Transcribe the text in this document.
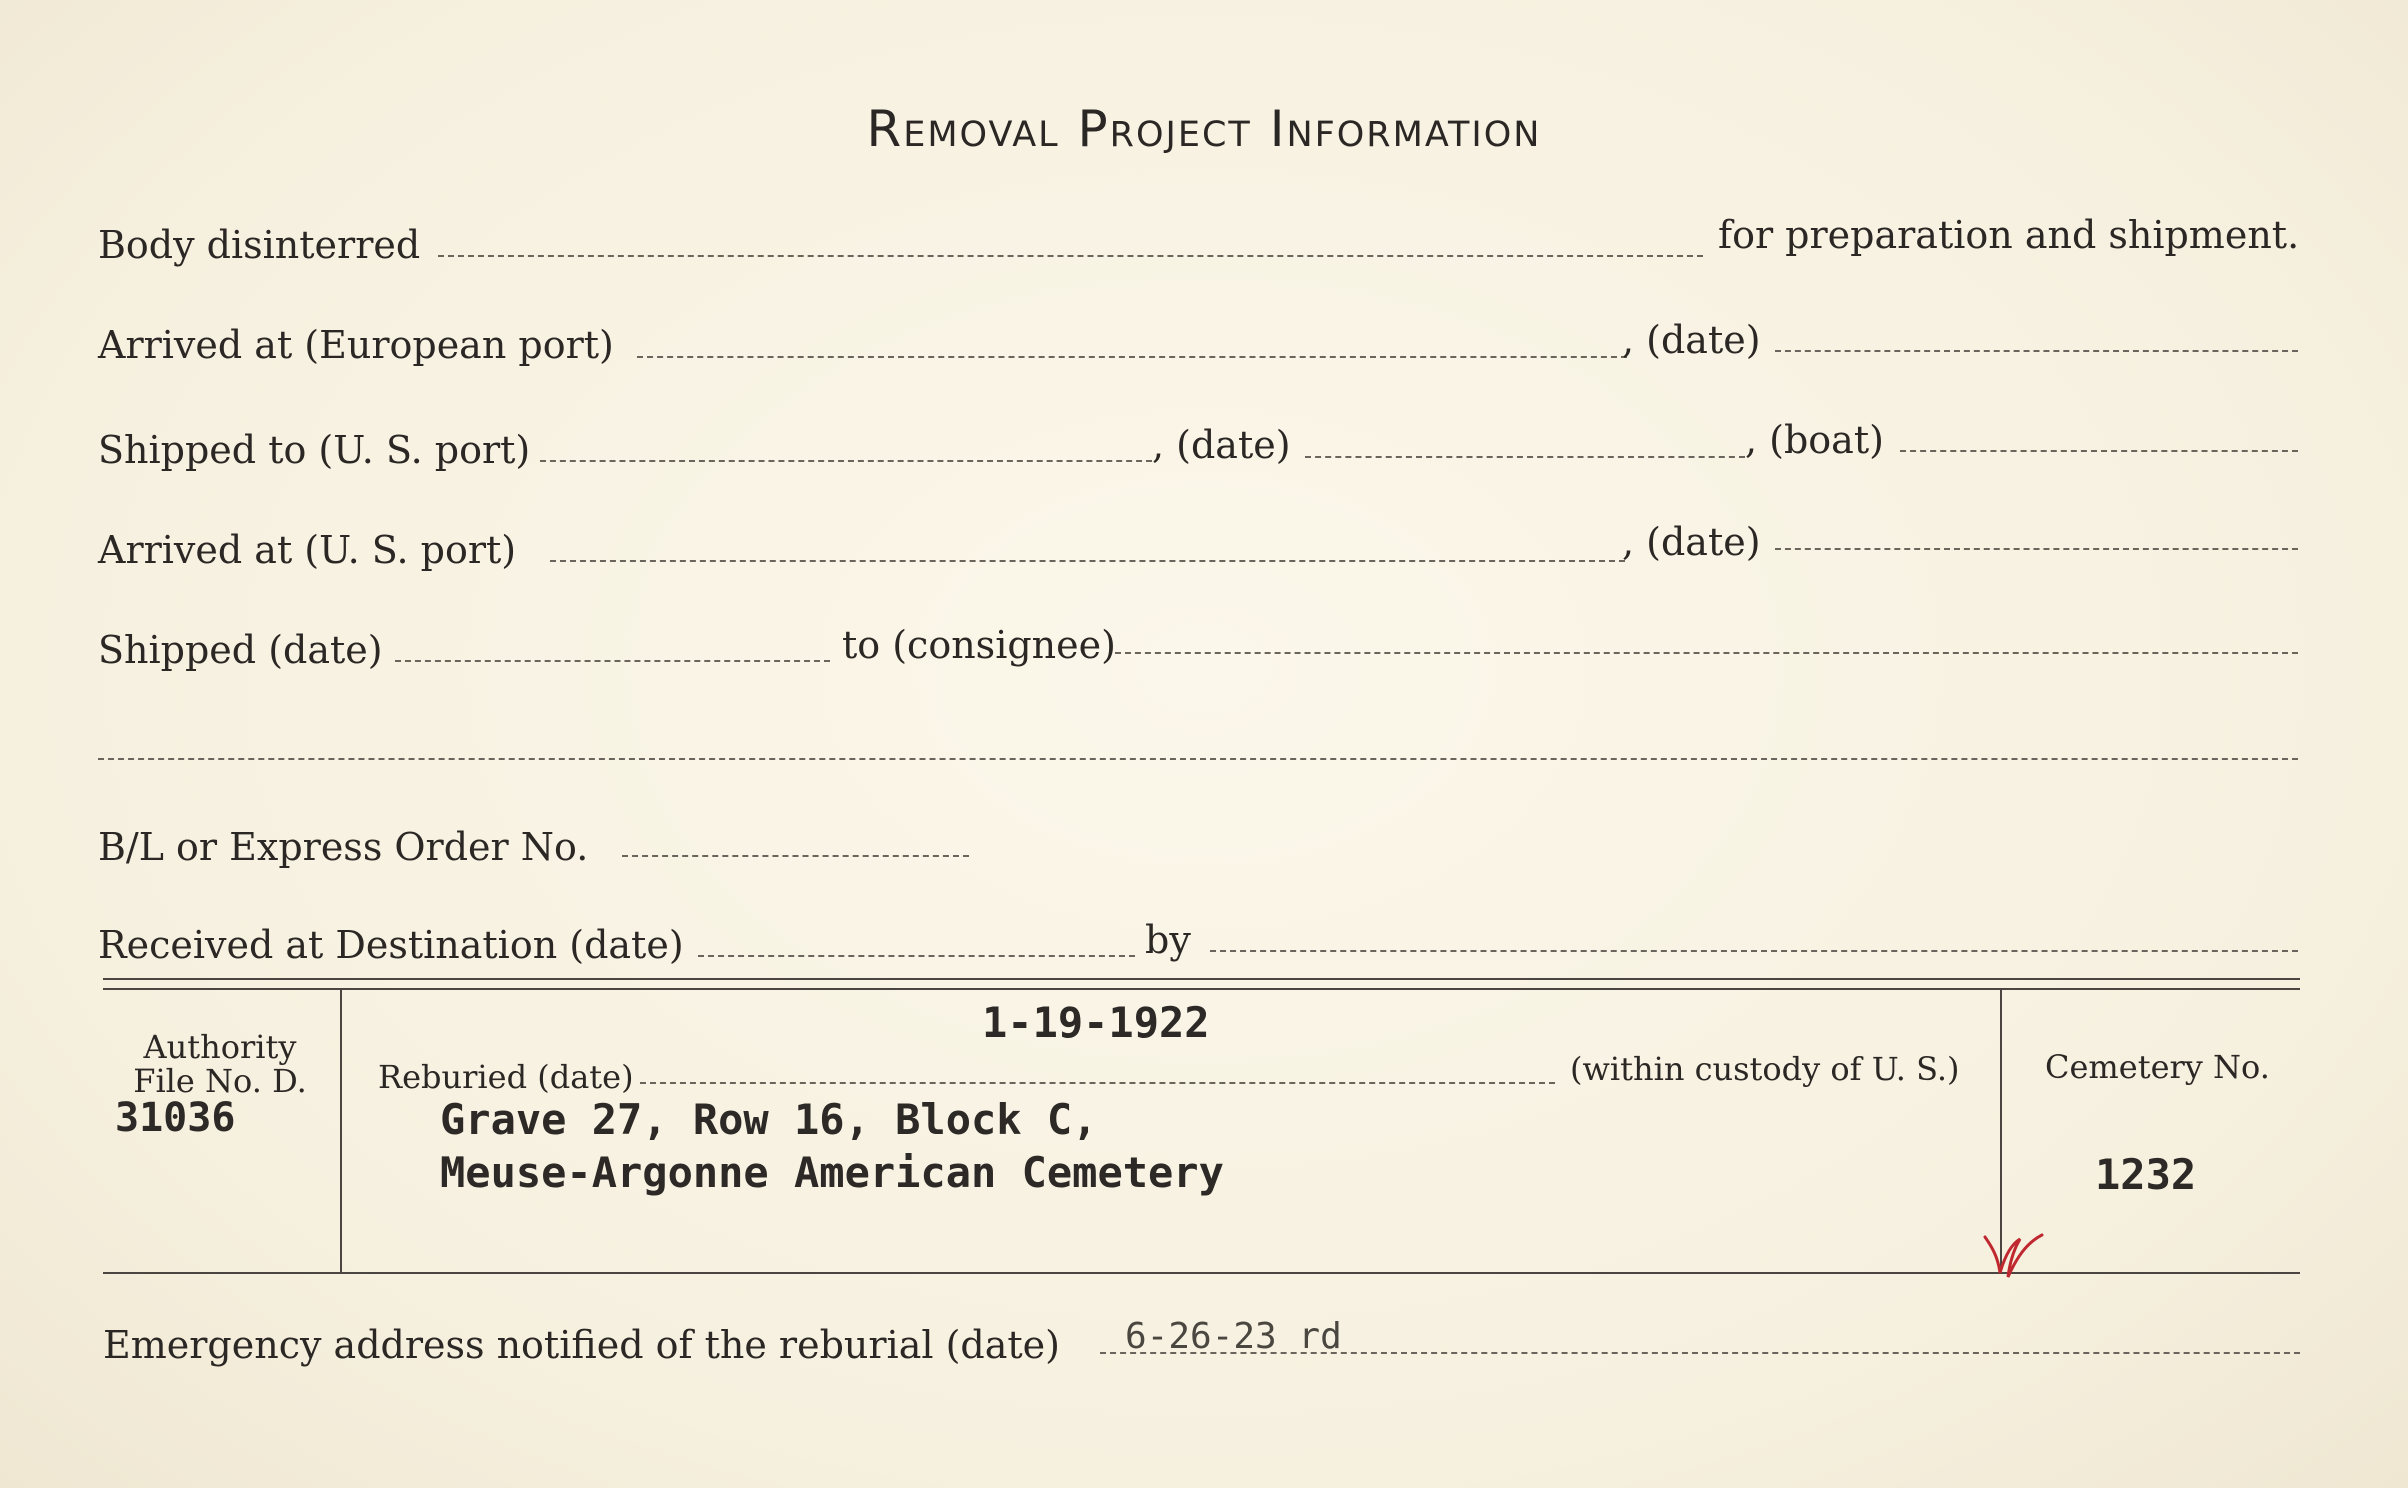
Removal Project Information
Body disinterred	for preparation and shipment.
Arrived at (European port)	, (date)
Shipped to (U. S. port)	, (date)	, (boat)
Arrived at (U. S. port)	, (date)
Shipped (date)	to (consignee)
B/L or Express Order No.
Received at Destination (date)	by
Authority
File No. D.
31036
1-19-1922
Reburied (date)	(within custody of U. S.)
Grave 27, Row 16, Block C,
Meuse-Argonne American Cemetery
Cemetery No.
1232
Emergency address notified of the reburial (date) 6-26-23 rd
